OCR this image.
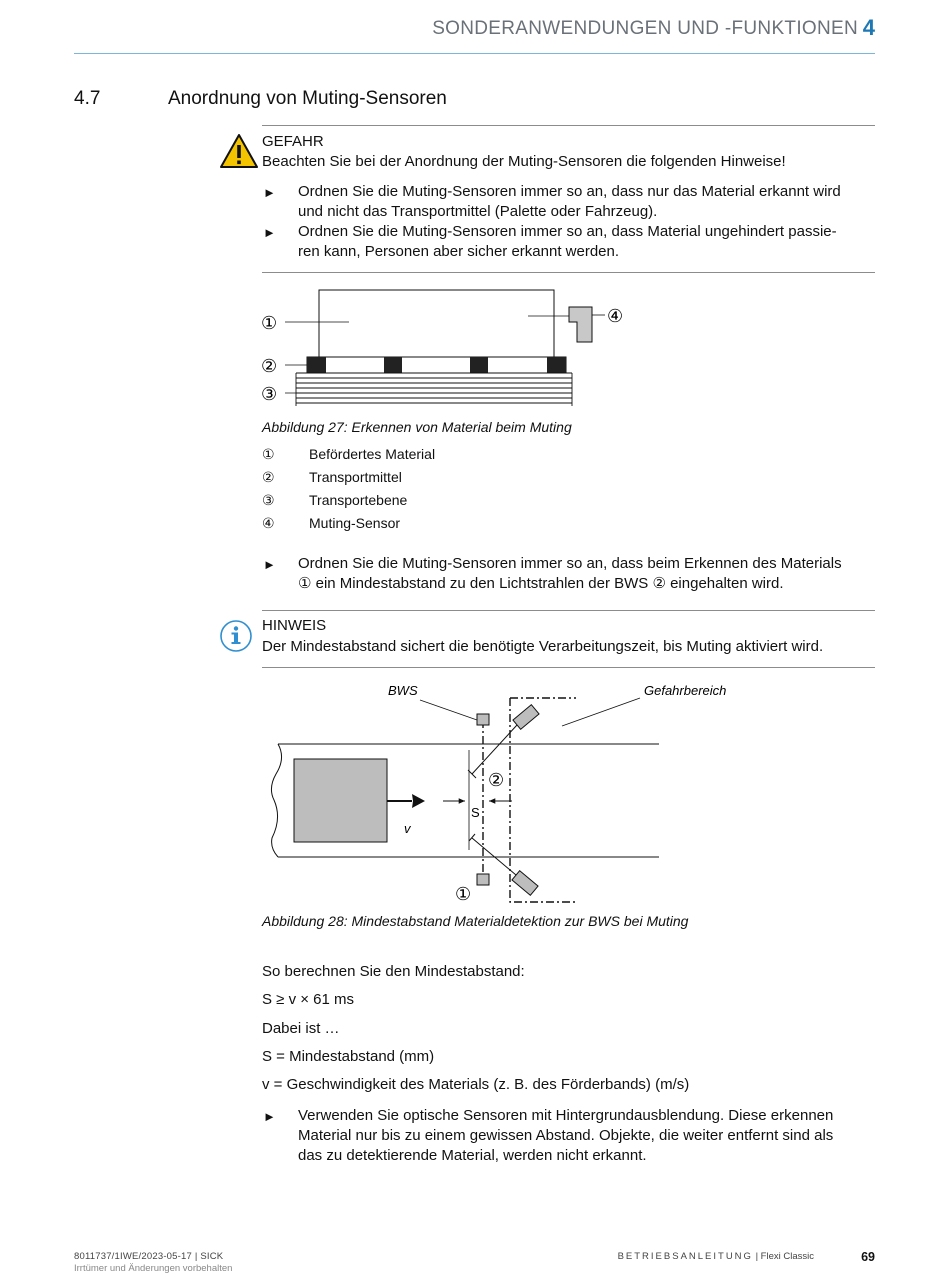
SONDERANWENDUNGEN UND -FUNKTIONEN 4
4.7	Anordnung von Muting-Sensoren
GEFAHR
Beachten Sie bei der Anordnung der Muting-Sensoren die folgenden Hinweise!
► Ordnen Sie die Muting-Sensoren immer so an, dass nur das Material erkannt wird
und nicht das Transportmittel (Palette oder Fahrzeug).
► Ordnen Sie die Muting-Sensoren immer so an, dass Material ungehindert passie-
ren kann, Personen aber sicher erkannt werden.
①
②
③
④
Abbildung 27: Erkennen von Material beim Muting
① Befördertes Material
② Transportmittel
③ Transportebene
④ Muting-Sensor
► Ordnen Sie die Muting-Sensoren immer so an, dass beim Erkennen des Materials
① ein Mindestabstand zu den Lichtstrahlen der BWS ② eingehalten wird.
HINWEIS
Der Mindestabstand sichert die benötigte Verarbeitungszeit, bis Muting aktiviert wird.
BWS	Gefahrbereich
v
S
②
①
Abbildung 28: Mindestabstand Materialdetektion zur BWS bei Muting
So berechnen Sie den Mindestabstand:
S ≥ v × 61 ms
Dabei ist …
S = Mindestabstand (mm)
v = Geschwindigkeit des Materials (z. B. des Förderbands) (m/s)
► Verwenden Sie optische Sensoren mit Hintergrundausblendung. Diese erkennen
Material nur bis zu einem gewissen Abstand. Objekte, die weiter entfernt sind als
das zu detektierende Material, werden nicht erkannt.
8011737/1IWE/2023-05-17 | SICK
Irrtümer und Änderungen vorbehalten
BETRIEBSANLEITUNG | Flexi Classic	69
